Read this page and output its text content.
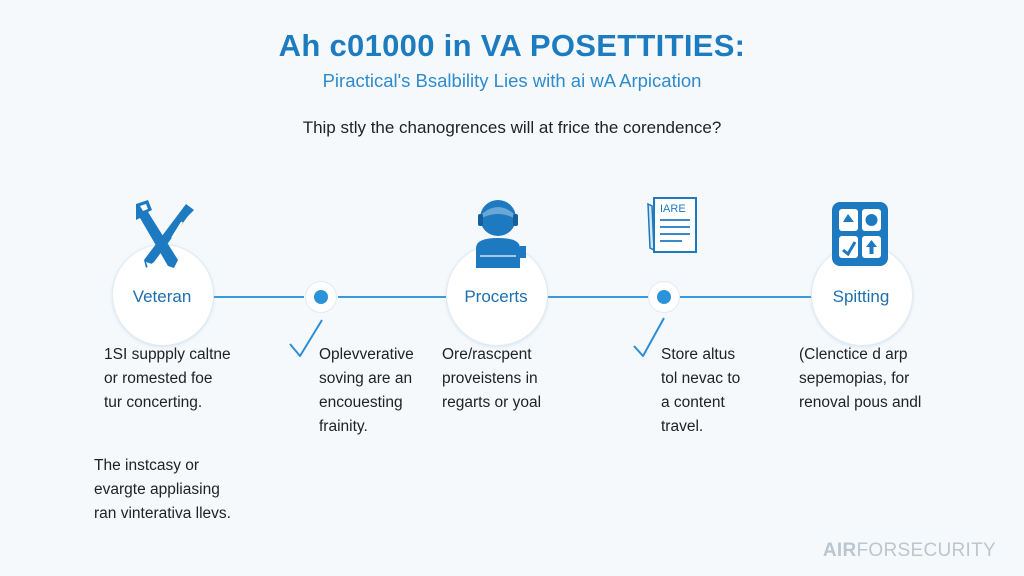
Ah c01000 in VA POSETTITIES:
Piractical's Bsalbility Lies with ai wA Arpication
Thip stly the chanogrences will at frice the corendence?
Veteran	Procerts
IARE
Spitting
1SI suppply caltne
or romested foe
tur concerting.
Oplevverative
soving are an
encouesting
frainity.
Ore/rascpent
proveistens in
regarts or yoal
Store altus
tol nevac to
a content
travel.
(Clenctice d arp
sepemopias, for
renoval pous andl
The instcasy or
evargte appliasing
ran vinterativa llevs.
AIRFORSECURITY
